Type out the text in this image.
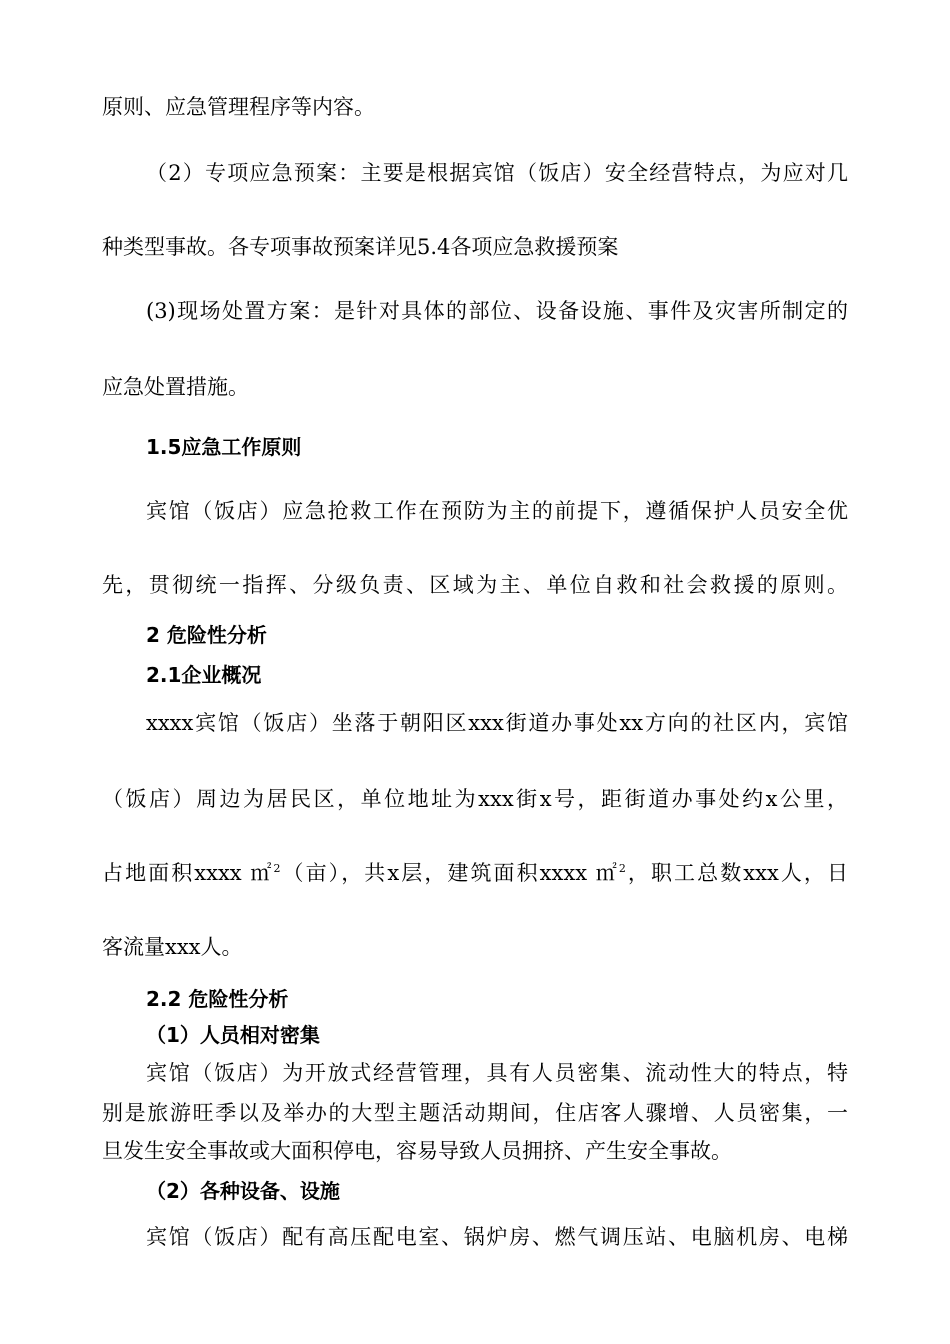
原则、应急管理程序等内容。
（2）专项应急预案：主要是根据宾馆（饭店）安全经营特点，为应对几
种类型事故。各专项事故预案详见5.4各项应急救援预案
(3)现场处置方案：是针对具体的部位、设备设施、事件及灾害所制定的
应急处置措施。
1.5应急工作原则
宾馆（饭店）应急抢救工作在预防为主的前提下，遵循保护人员安全优
先，贯彻统一指挥、分级负责、区域为主、单位自救和社会救援的原则。
2 危险性分析
2.1企业概况
xxxx宾馆（饭店）坐落于朝阳区xxx街道办事处xx方向的社区内，宾馆
（饭店）周边为居民区，单位地址为xxx街x号，距街道办事处约x公里，
占地面积xxxx ㎡$^2$（亩），共x层，建筑面积xxxx ㎡$^2$，职工总数xxx人，日
客流量xxx人。
2.2 危险性分析
（1）人员相对密集
宾馆（饭店）为开放式经营管理，具有人员密集、流动性大的特点，特
别是旅游旺季以及举办的大型主题活动期间，住店客人骤增、人员密集，一
旦发生安全事故或大面积停电，容易导致人员拥挤、产生安全事故。
（2）各种设备、设施
宾馆（饭店）配有高压配电室、锅炉房、燃气调压站、电脑机房、电梯
